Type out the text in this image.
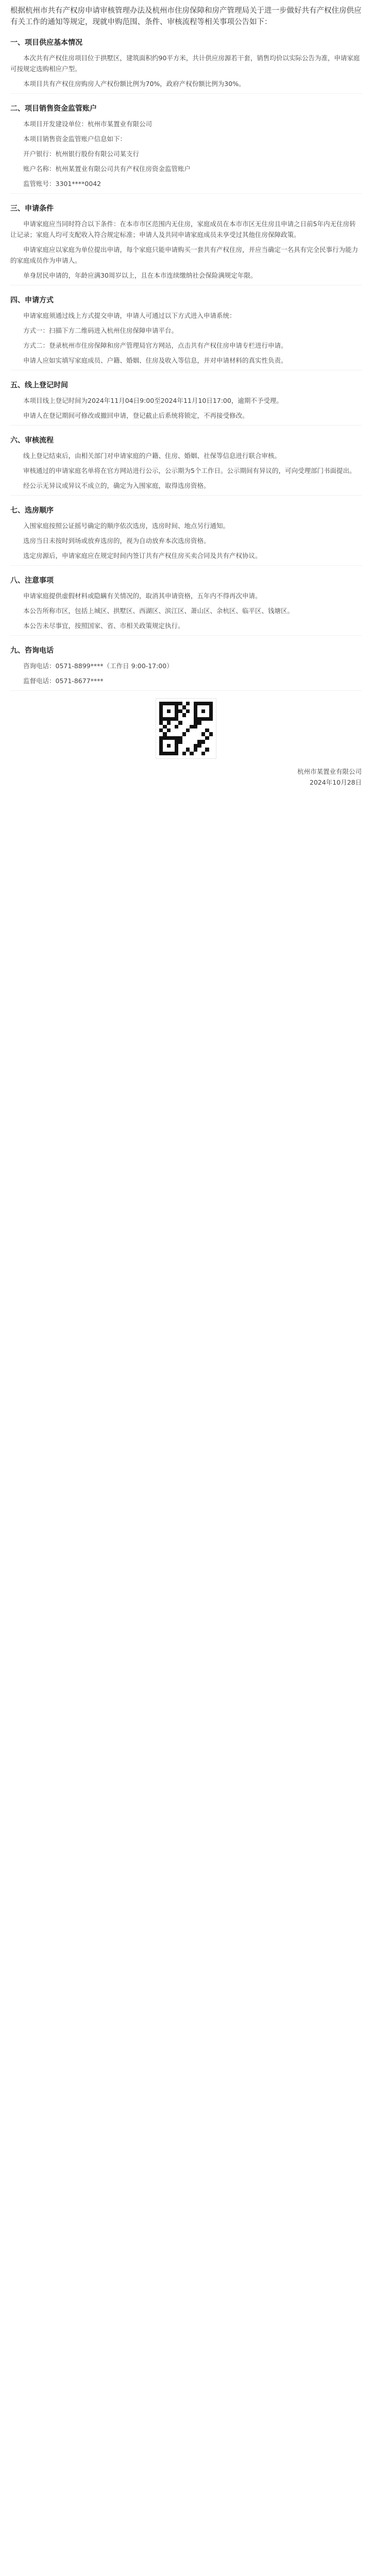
根据杭州市共有产权房申请审核管理办法及杭州市住房保障和房产管理局关于进一步做好共有产权住房供应有关工作的通知等规定，现就申购范围、条件、审核流程等相关事项公告如下：

一、项目供应基本情况

本次共有产权住房项目位于拱墅区，建筑面积约90平方米，共计供应房源若干套，销售均价以实际公告为准，申请家庭可按规定选购相应户型。

本项目共有产权住房购房人产权份额比例为70%，政府产权份额比例为30%。

二、项目销售资金监管账户

本项目开发建设单位：杭州市某置业有限公司

本项目销售资金监管账户信息如下：

开户银行：杭州银行股份有限公司某支行

账户名称：杭州某置业有限公司共有产权住房资金监管账户

监管账号：3301****0042

三、申请条件

申请家庭应当同时符合以下条件：在本市市区范围内无住房，家庭成员在本市市区无住房且申请之日前5年内无住房转让记录；家庭人均可支配收入符合规定标准；申请人及共同申请家庭成员未享受过其他住房保障政策。

申请家庭应以家庭为单位提出申请，每个家庭只能申请购买一套共有产权住房，并应当确定一名具有完全民事行为能力的家庭成员作为申请人。

单身居民申请的，年龄应满30周岁以上，且在本市连续缴纳社会保险满规定年限。

四、申请方式

申请家庭须通过线上方式提交申请，申请人可通过以下方式进入申请系统：

方式一：扫描下方二维码进入杭州住房保障申请平台。

方式二：登录杭州市住房保障和房产管理局官方网站，点击共有产权住房申请专栏进行申请。

申请人应如实填写家庭成员、户籍、婚姻、住房及收入等信息，并对申请材料的真实性负责。

五、线上登记时间

本项目线上登记时间为2024年11月04日9:00至2024年11月10日17:00，逾期不予受理。

申请人在登记期间可修改或撤回申请，登记截止后系统将锁定，不再接受修改。

六、审核流程

线上登记结束后，由相关部门对申请家庭的户籍、住房、婚姻、社保等信息进行联合审核。

审核通过的申请家庭名单将在官方网站进行公示，公示期为5个工作日。公示期间有异议的，可向受理部门书面提出。

经公示无异议或异议不成立的，确定为入围家庭，取得选房资格。

七、选房顺序

入围家庭按照公证摇号确定的顺序依次选房，选房时间、地点另行通知。

选房当日未按时到场或放弃选房的，视为自动放弃本次选房资格。

选定房源后，申请家庭应在规定时间内签订共有产权住房买卖合同及共有产权协议。

八、注意事项

申请家庭提供虚假材料或隐瞒有关情况的，取消其申请资格，五年内不得再次申请。

本公告所称市区，包括上城区、拱墅区、西湖区、滨江区、萧山区、余杭区、临平区、钱塘区。

本公告未尽事宜，按照国家、省、市相关政策规定执行。

九、咨询电话

咨询电话：0571-8899****（工作日 9:00-17:00）

监督电话：0571-8677****

杭州市某置业有限公司

2024年10月28日
